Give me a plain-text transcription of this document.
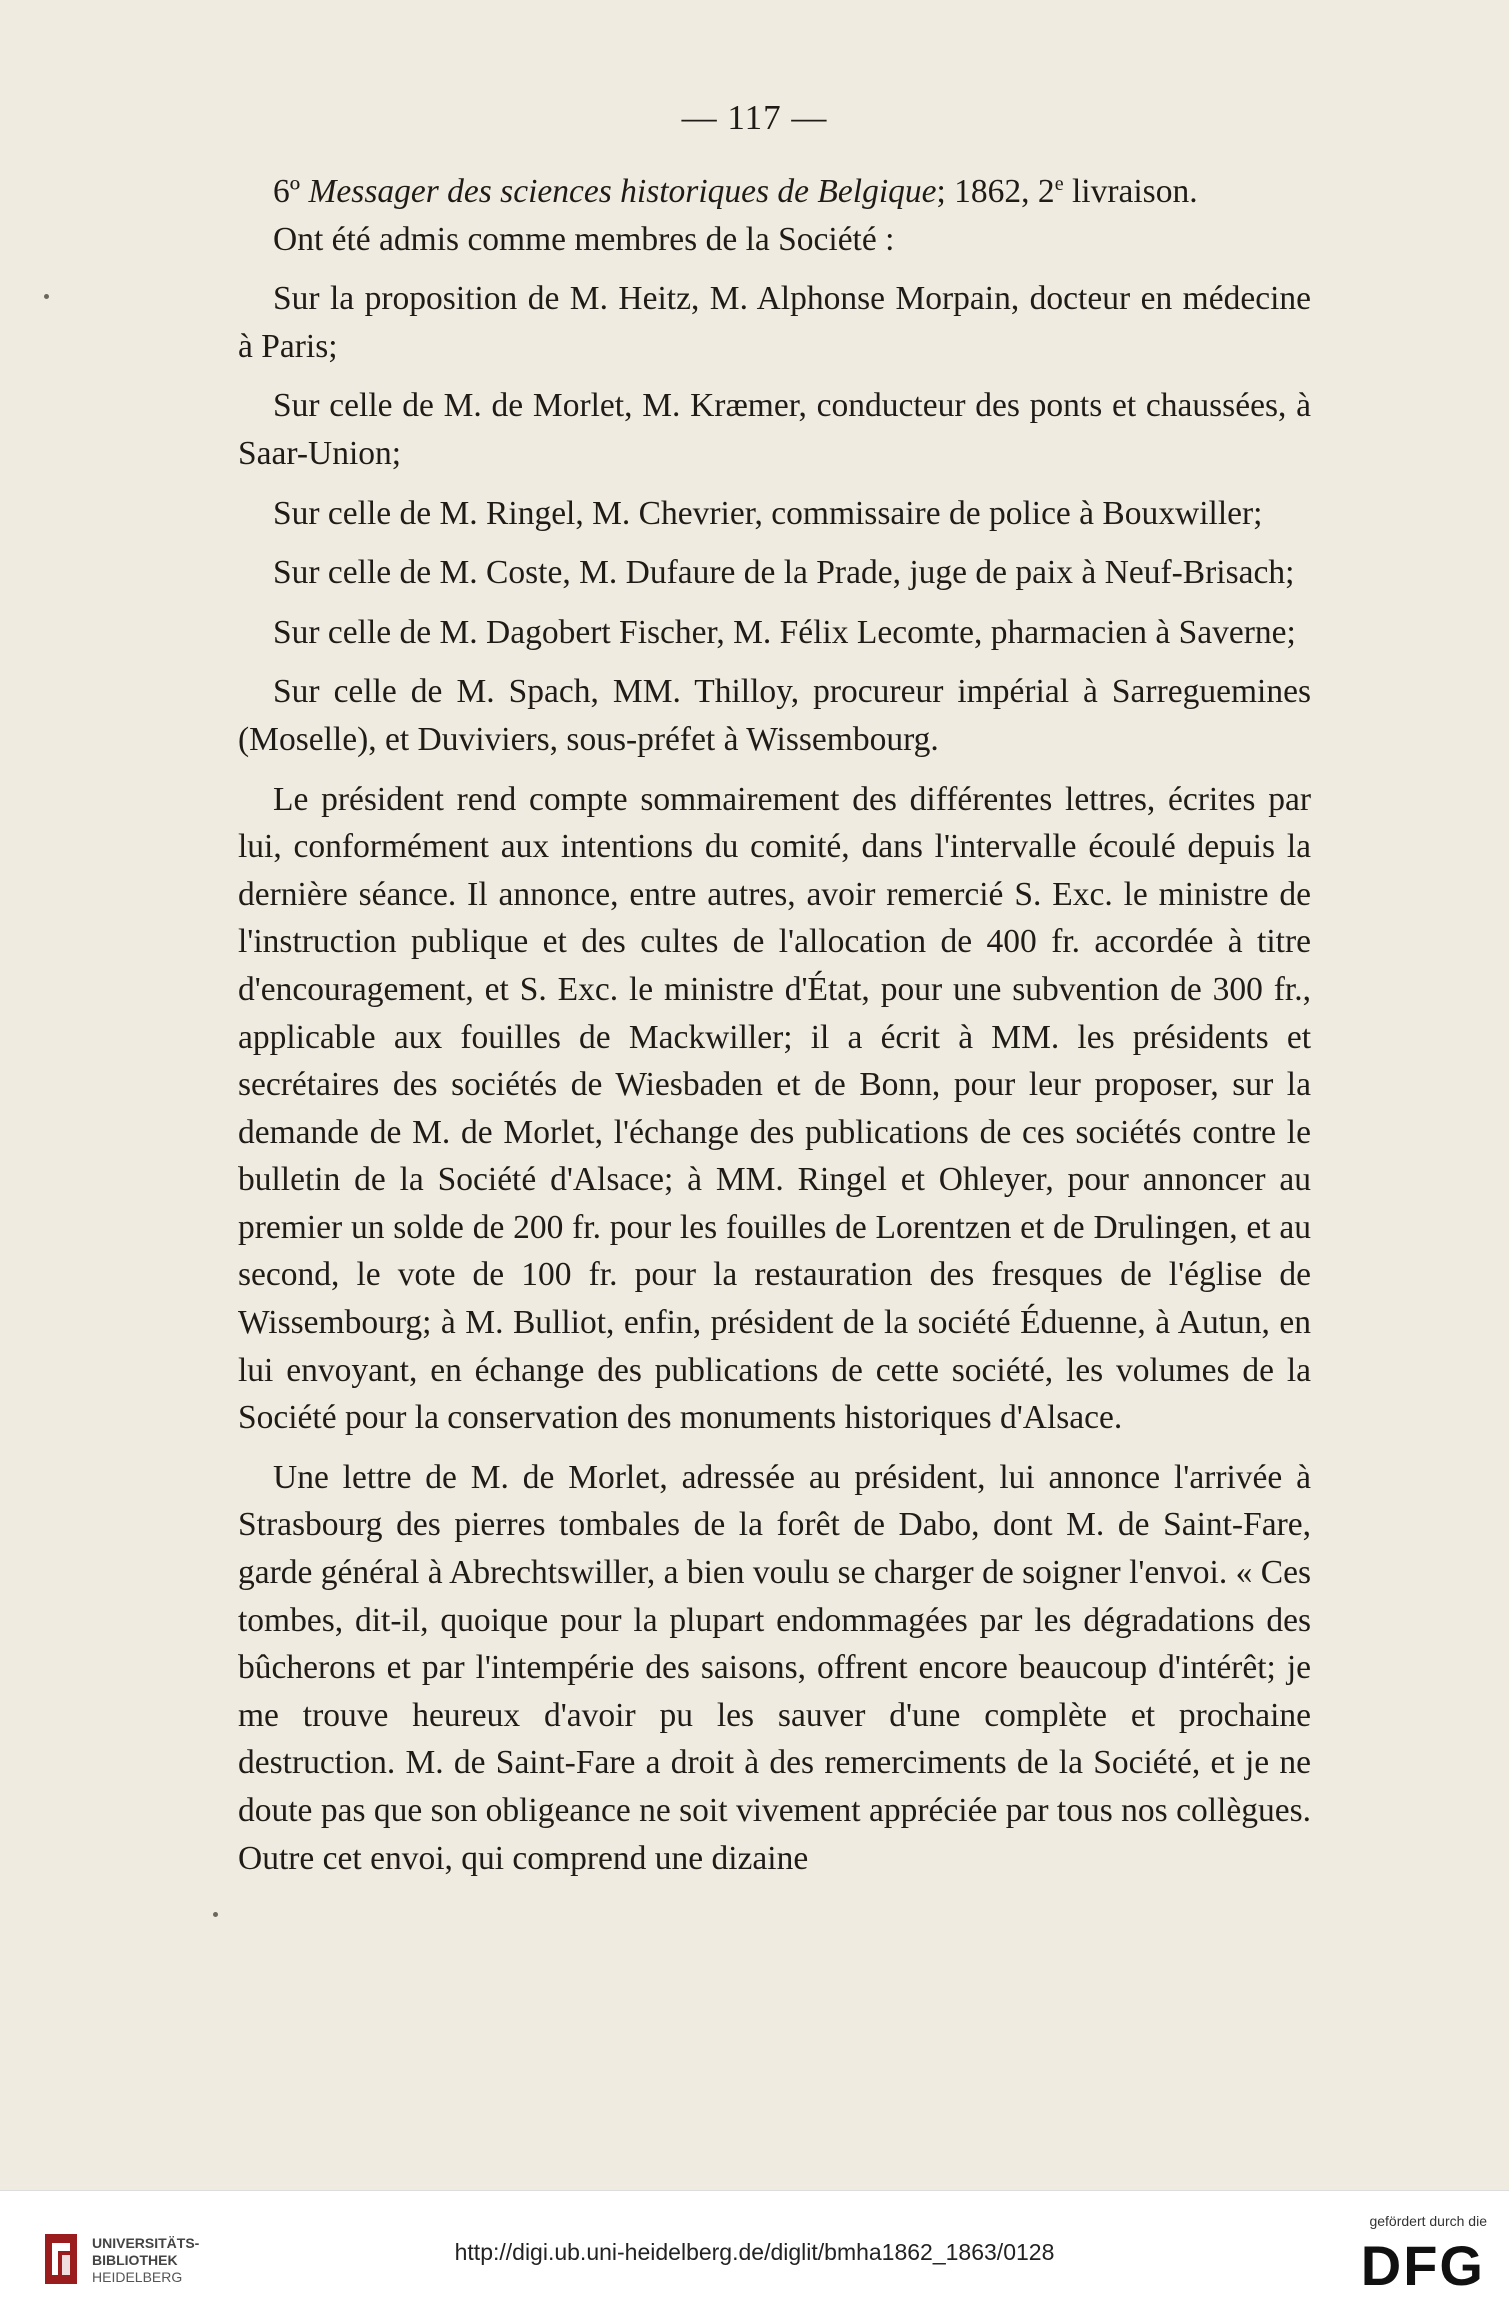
— 117 —

6º Messager des sciences historiques de Belgique; 1862, 2e livraison.

Ont été admis comme membres de la Société :

Sur la proposition de M. Heitz, M. Alphonse Morpain, docteur en médecine à Paris;

Sur celle de M. de Morlet, M. Kræmer, conducteur des ponts et chaussées, à Saar-Union;

Sur celle de M. Ringel, M. Chevrier, commissaire de police à Bouxwiller;

Sur celle de M. Coste, M. Dufaure de la Prade, juge de paix à Neuf-Brisach;

Sur celle de M. Dagobert Fischer, M. Félix Lecomte, pharmacien à Saverne;

Sur celle de M. Spach, MM. Thilloy, procureur impérial à Sarreguemines (Moselle), et Duviviers, sous-préfet à Wissembourg.

Le président rend compte sommairement des différentes lettres, écrites par lui, conformément aux intentions du comité, dans l'intervalle écoulé depuis la dernière séance. Il annonce, entre autres, avoir remercié S. Exc. le ministre de l'instruction publique et des cultes de l'allocation de 400 fr. accordée à titre d'encouragement, et S. Exc. le ministre d'État, pour une subvention de 300 fr., applicable aux fouilles de Mackwiller; il a écrit à MM. les présidents et secrétaires des sociétés de Wiesbaden et de Bonn, pour leur proposer, sur la demande de M. de Morlet, l'échange des publications de ces sociétés contre le bulletin de la Société d'Alsace; à MM. Ringel et Ohleyer, pour annoncer au premier un solde de 200 fr. pour les fouilles de Lorentzen et de Drulingen, et au second, le vote de 100 fr. pour la restauration des fresques de l'église de Wissembourg; à M. Bulliot, enfin, président de la société Éduenne, à Autun, en lui envoyant, en échange des publications de cette société, les volumes de la Société pour la conservation des monuments historiques d'Alsace.

Une lettre de M. de Morlet, adressée au président, lui annonce l'arrivée à Strasbourg des pierres tombales de la forêt de Dabo, dont M. de Saint-Fare, garde général à Abrechtswiller, a bien voulu se charger de soigner l'envoi. « Ces tombes, dit-il, quoique pour la plupart endommagées par les dégradations des bûcherons et par l'intempérie des saisons, offrent encore beaucoup d'intérêt; je me trouve heureux d'avoir pu les sauver d'une complète et prochaine destruction. M. de Saint-Fare a droit à des remerciments de la Société, et je ne doute pas que son obligeance ne soit vivement appréciée par tous nos collègues. Outre cet envoi, qui comprend une dizaine

UNIVERSITÄTS-
BIBLIOTHEK
HEIDELBERG
http://digi.ub.uni-heidelberg.de/diglit/bmha1862_1863/0128
gefördert durch die
DFG
